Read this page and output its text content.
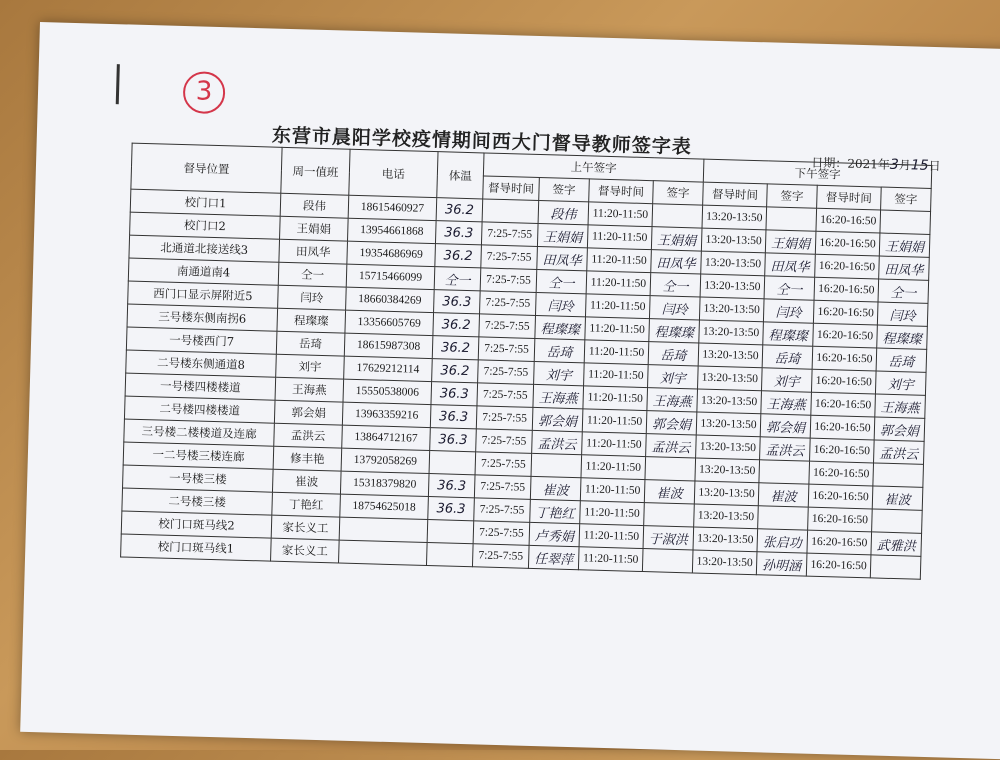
3
东营市晨阳学校疫情期间西大门督导教师签字表
日期：2021年3月15日
督导位置	周一值班	电话	体温	上午签字				下午签字			
				督导时间	签字	督导时间	签字	督导时间	签字	督导时间	签字
校门口1	段伟	18615460927	36.2		段伟	11:20-11:50		13:20-13:50		16:20-16:50	
校门口2	王娟娟	13954661868	36.3	7:25-7:55	王娟娟	11:20-11:50	王娟娟	13:20-13:50	王娟娟	16:20-16:50	王娟娟
北通道北接送线3	田凤华	19354686969	36.2	7:25-7:55	田凤华	11:20-11:50	田凤华	13:20-13:50	田凤华	16:20-16:50	田凤华
南通道南4	仝一	15715466099	仝一	7:25-7:55	仝一	11:20-11:50	仝一	13:20-13:50	仝一	16:20-16:50	仝一
西门口显示屏附近5	闫玲	18660384269	36.3	7:25-7:55	闫玲	11:20-11:50	闫玲	13:20-13:50	闫玲	16:20-16:50	闫玲
三号楼东侧南拐6	程璨璨	13356605769	36.2	7:25-7:55	程璨璨	11:20-11:50	程璨璨	13:20-13:50	程璨璨	16:20-16:50	程璨璨
一号楼西门7	岳琦	18615987308	36.2	7:25-7:55	岳琦	11:20-11:50	岳琦	13:20-13:50	岳琦	16:20-16:50	岳琦
二号楼东侧通道8	刘宇	17629212114	36.2	7:25-7:55	刘宇	11:20-11:50	刘宇	13:20-13:50	刘宇	16:20-16:50	刘宇
一号楼四楼楼道	王海燕	15550538006	36.3	7:25-7:55	王海燕	11:20-11:50	王海燕	13:20-13:50	王海燕	16:20-16:50	王海燕
二号楼四楼楼道	郭会娟	13963359216	36.3	7:25-7:55	郭会娟	11:20-11:50	郭会娟	13:20-13:50	郭会娟	16:20-16:50	郭会娟
三号楼二楼楼道及连廊	孟洪云	13864712167	36.3	7:25-7:55	孟洪云	11:20-11:50	孟洪云	13:20-13:50	孟洪云	16:20-16:50	孟洪云
一二号楼三楼连廊	修丰艳	13792058269		7:25-7:55		11:20-11:50		13:20-13:50		16:20-16:50	
一号楼三楼	崔波	15318379820	36.3	7:25-7:55	崔波	11:20-11:50	崔波	13:20-13:50	崔波	16:20-16:50	崔波
二号楼三楼	丁艳红	18754625018	36.3	7:25-7:55	丁艳红	11:20-11:50		13:20-13:50		16:20-16:50	
校门口斑马线2	家长义工			7:25-7:55	卢秀娟	11:20-11:50	于淑洪	13:20-13:50	张启功	16:20-16:50	武雅洪
校门口斑马线1	家长义工			7:25-7:55	任翠萍	11:20-11:50		13:20-13:50	孙明涵	16:20-16:50	
